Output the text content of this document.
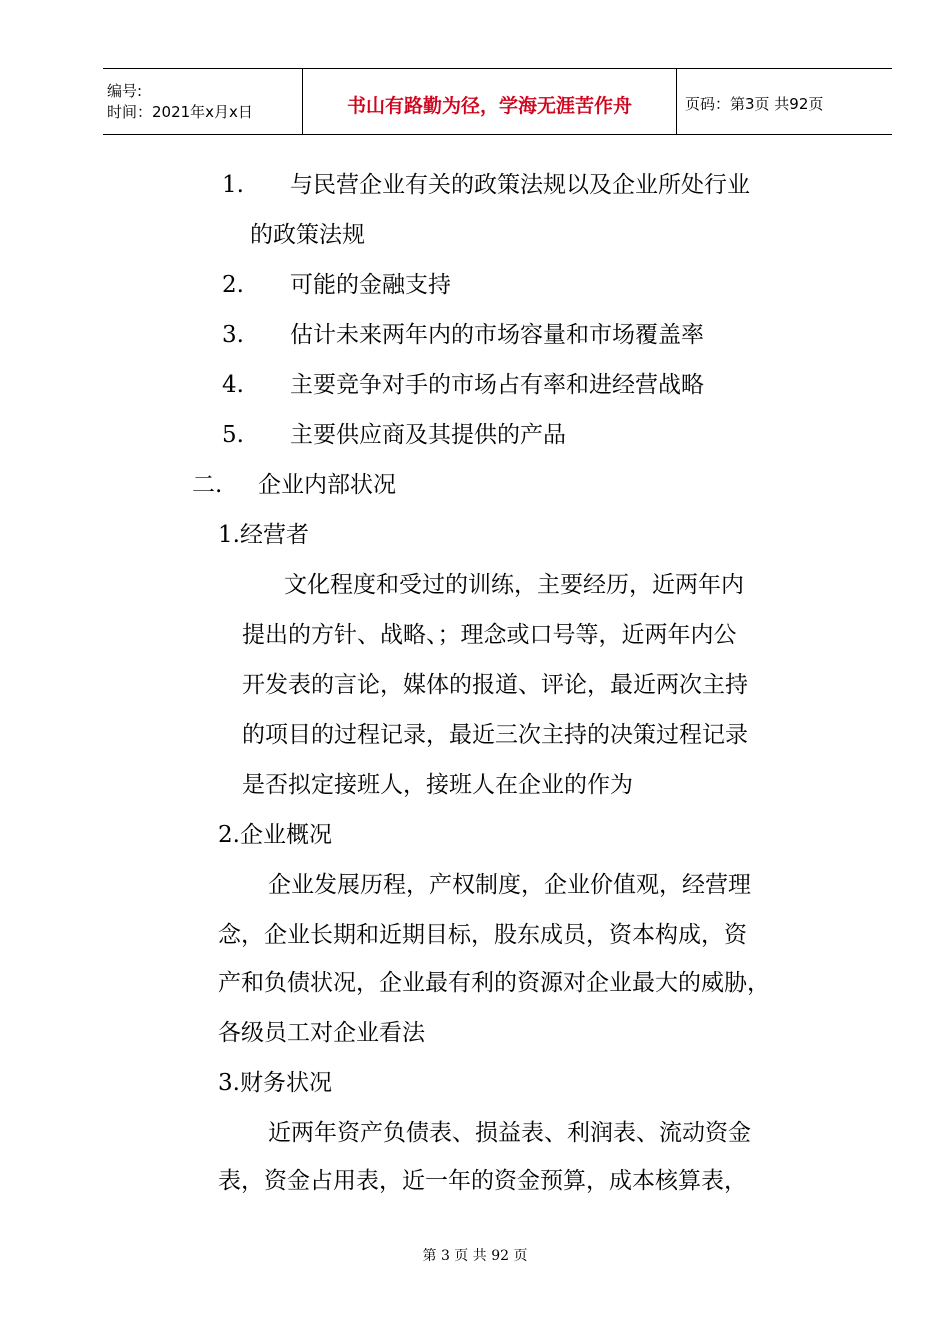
编号:
时间：2021年x月x日	书山有路勤为径，学海无涯苦作舟	页码：第3页 共92页
1. 与民营企业有关的政策法规以及企业所处行业
的政策法规
2. 可能的金融支持
3. 估计未来两年内的市场容量和市场覆盖率
4. 主要竞争对手的市场占有率和进经营战略
5. 主要供应商及其提供的产品
二. 企业内部状况
1.经营者
文化程度和受过的训练，主要经历，近两年内
提出的方针、战略、；理念或口号等，近两年内公
开发表的言论，媒体的报道、评论，最近两次主持
的项目的过程记录，最近三次主持的决策过程记录
是否拟定接班人，接班人在企业的作为
2.企业概况
企业发展历程，产权制度，企业价值观，经营理
念，企业长期和近期目标，股东成员，资本构成，资
产和负债状况，企业最有利的资源对企业最大的威胁，
各级员工对企业看法
3.财务状况
近两年资产负债表、损益表、利润表、流动资金
表，资金占用表，近一年的资金预算，成本核算表，
第 3 页 共 92 页
